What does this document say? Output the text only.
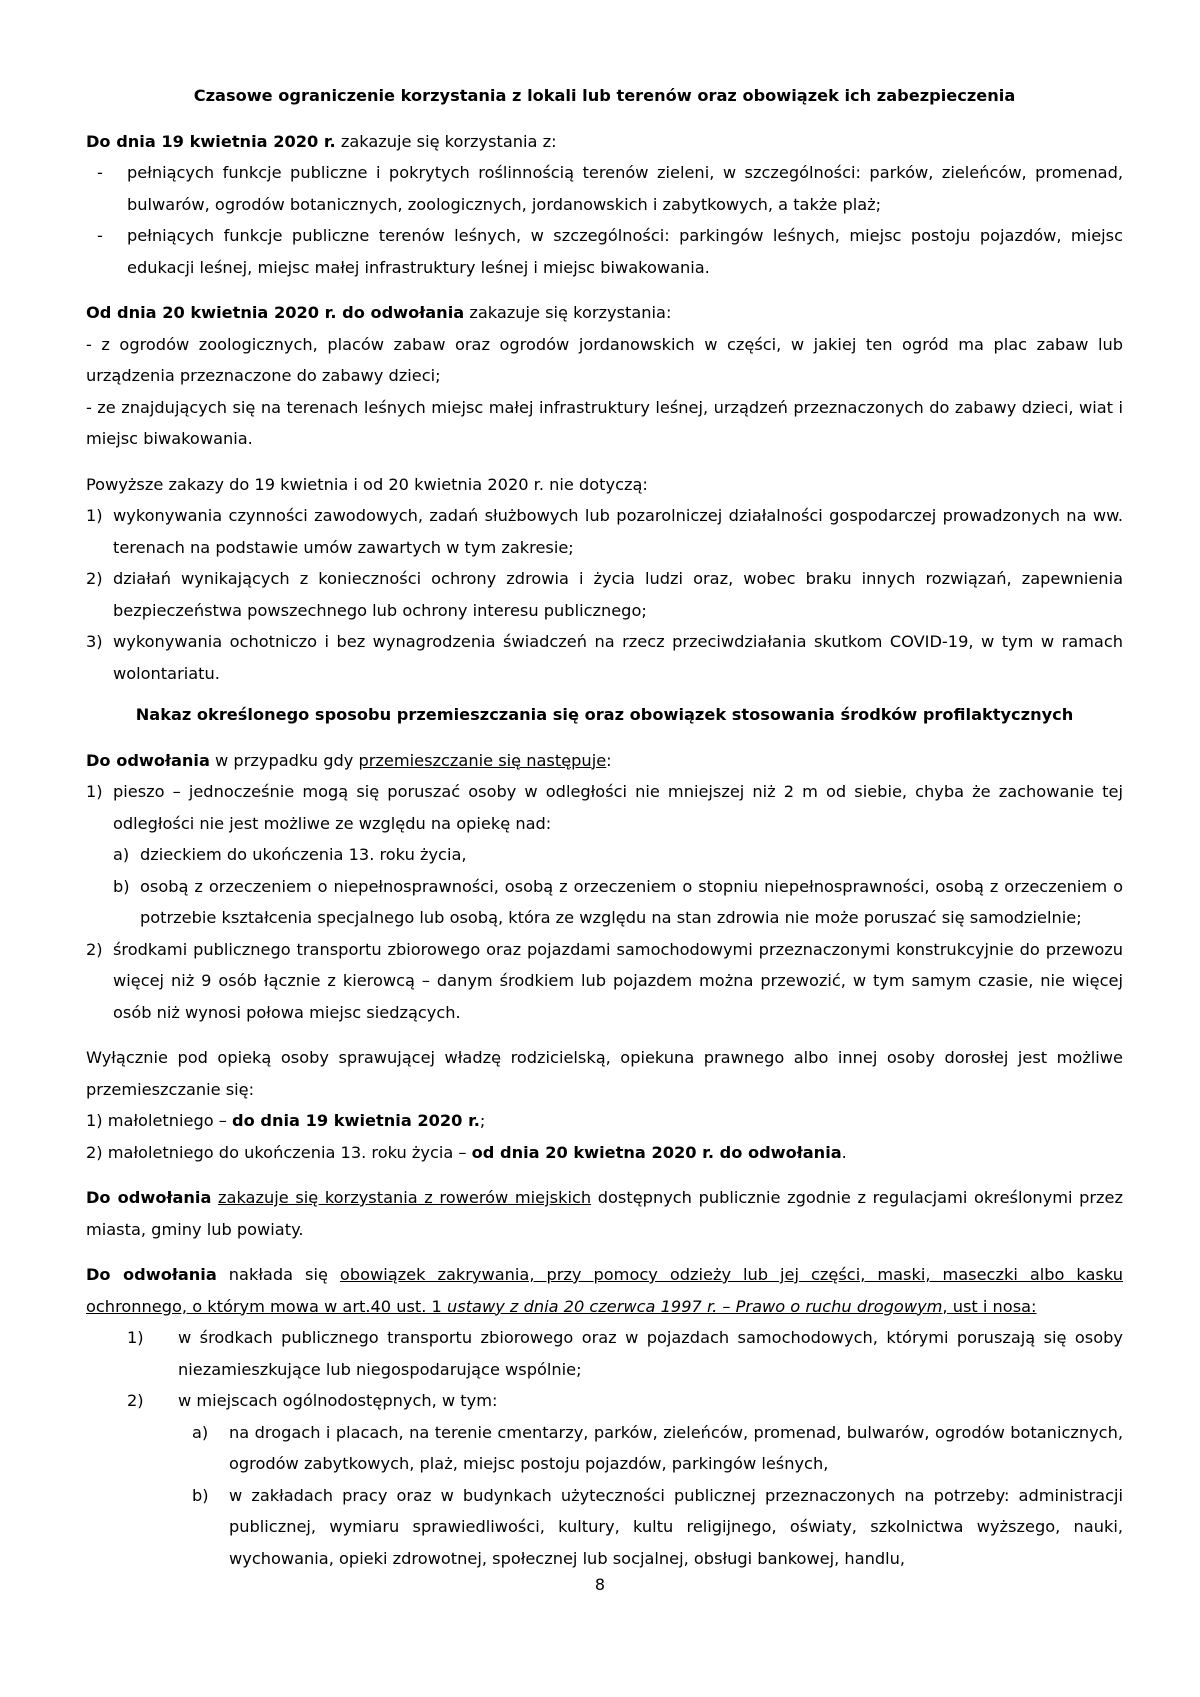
Czasowe ograniczenie korzystania z lokali lub terenów oraz obowiązek ich zabezpieczenia

Do dnia 19 kwietnia 2020 r. zakazuje się korzystania z:

-	pełniących funkcje publiczne i pokrytych roślinnością terenów zieleni, w szczególności: parków, zieleńców, promenad, bulwarów, ogrodów botanicznych, zoologicznych, jordanowskich i zabytkowych, a także plaż;
-	pełniących funkcje publiczne terenów leśnych, w szczególności: parkingów leśnych, miejsc postoju pojazdów, miejsc edukacji leśnej, miejsc małej infrastruktury leśnej i miejsc biwakowania.

Od dnia 20 kwietnia 2020 r. do odwołania zakazuje się korzystania:

- z ogrodów zoologicznych, placów zabaw oraz ogrodów jordanowskich w części, w jakiej ten ogród ma plac zabaw lub urządzenia przeznaczone do zabawy dzieci;

- ze znajdujących się na terenach leśnych miejsc małej infrastruktury leśnej, urządzeń przeznaczonych do zabawy dzieci, wiat i miejsc biwakowania.

Powyższe zakazy do 19 kwietnia i od 20 kwietnia 2020 r. nie dotyczą:

1) wykonywania czynności zawodowych, zadań służbowych lub pozarolniczej działalności gospodarczej prowadzonych na ww. terenach na podstawie umów zawartych w tym zakresie;
2) działań wynikających z konieczności ochrony zdrowia i życia ludzi oraz, wobec braku innych rozwiązań, zapewnienia bezpieczeństwa powszechnego lub ochrony interesu publicznego;
3) wykonywania ochotniczo i bez wynagrodzenia świadczeń na rzecz przeciwdziałania skutkom COVID-19, w tym w ramach wolontariatu.

Nakaz określonego sposobu przemieszczania się oraz obowiązek stosowania środków profilaktycznych

Do odwołania w przypadku gdy przemieszczanie się następuje:

1) pieszo – jednocześnie mogą się poruszać osoby w odległości nie mniejszej niż 2 m od siebie, chyba że zachowanie tej odległości nie jest możliwe ze względu na opiekę nad:
a) dzieckiem do ukończenia 13. roku życia,
b) osobą z orzeczeniem o niepełnosprawności, osobą z orzeczeniem o stopniu niepełnosprawności, osobą z orzeczeniem o potrzebie kształcenia specjalnego lub osobą, która ze względu na stan zdrowia nie może poruszać się samodzielnie;
2) środkami publicznego transportu zbiorowego oraz pojazdami samochodowymi przeznaczonymi konstrukcyjnie do przewozu więcej niż 9 osób łącznie z kierowcą – danym środkiem lub pojazdem można przewozić, w tym samym czasie, nie więcej osób niż wynosi połowa miejsc siedzących.

Wyłącznie pod opieką osoby sprawującej władzę rodzicielską, opiekuna prawnego albo innej osoby dorosłej jest możliwe przemieszczanie się:

1) małoletniego – do dnia 19 kwietnia 2020 r.;

2) małoletniego do ukończenia 13. roku życia – od dnia 20 kwietna 2020 r. do odwołania.

Do odwołania zakazuje się korzystania z rowerów miejskich dostępnych publicznie zgodnie z regulacjami określonymi przez miasta, gminy lub powiaty.

Do odwołania nakłada się obowiązek zakrywania, przy pomocy odzieży lub jej części, maski, maseczki albo kasku ochronnego, o którym mowa w art.40 ust. 1 ustawy z dnia 20 czerwca 1997 r. – Prawo o ruchu drogowym, ust i nosa:

1)	w środkach publicznego transportu zbiorowego oraz w pojazdach samochodowych, którymi poruszają się osoby niezamieszkujące lub niegospodarujące wspólnie;
2)	w miejscach ogólnodostępnych, w tym:
a)	na drogach i placach, na terenie cmentarzy, parków, zieleńców, promenad, bulwarów, ogrodów botanicznych, ogrodów zabytkowych, plaż, miejsc postoju pojazdów, parkingów leśnych,
b)	w zakładach pracy oraz w budynkach użyteczności publicznej przeznaczonych na potrzeby: administracji publicznej, wymiaru sprawiedliwości, kultury, kultu religijnego, oświaty, szkolnictwa wyższego, nauki, wychowania, opieki zdrowotnej, społecznej lub socjalnej, obsługi bankowej, handlu,
8
